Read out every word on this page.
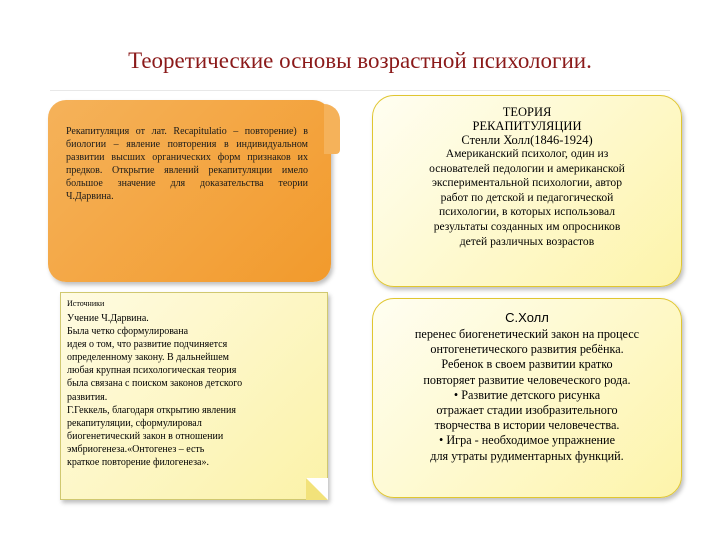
Теоретические основы возрастной психологии.
Рекапитуляция от лат. Recapitulatio – повторение) в биологии – явление повторения в индивидуальном развитии высших органических форм признаков их предков. Открытие явлений рекапитуляции имело большое значение для доказательства теории Ч.Дарвина.
Источники
Учение Ч.Дарвина.
Была четко сформулирована
идея о том, что развитие подчиняется
определенному закону. В дальнейшем
любая крупная психологическая теория
была связана с поиском законов детского
развития.
Г.Геккель, благодаря открытию явления
рекапитуляции, сформулировал
биогенетический закон в отношении
эмбриогенеза.«Онтогенез – есть
краткое повторение филогенеза».
ТЕОРИЯ
РЕКАПИТУЛЯЦИИ
Стенли Холл(1846-1924)
Американский психолог, один из
основателей педологии и американской
экспериментальной психологии, автор
работ по детской и педагогической
психологии, в которых использовал
результаты созданных им опросников
детей различных возрастов
С.Холл
перенес биогенетический закон на процесс
онтогенетического развития ребёнка.
Ребенок в своем развитии кратко
повторяет развитие человеческого рода.
• Развитие детского рисунка
отражает стадии изобразительного
творчества в истории человечества.
• Игра - необходимое упражнение
для утраты рудиментарных функций.
